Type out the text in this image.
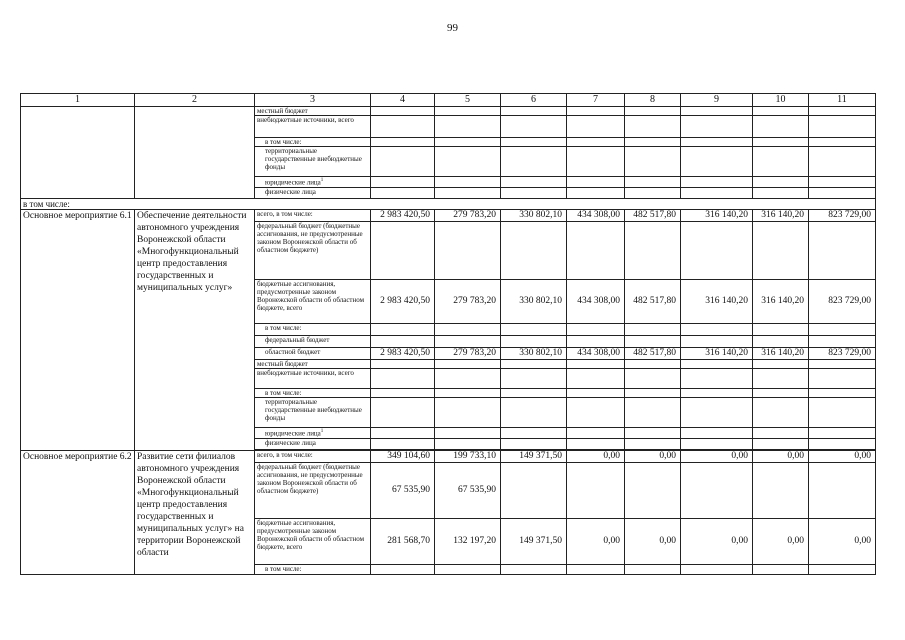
99
1	2	3	4	5	6	7	8	9	10	11
		местный бюджет								
		внебюджетные источники, всего								
		в том числе:								
		территориальные государственные внебюджетные фонды								
		юридические лица$^1$								
		физические лица								
в том числе:										
Основное мероприятие 6.1	Обеспечение деятельности автономного учреждения Воронежской области «Многофункциональный центр предоставления государственных и муниципальных услуг»	всего, в том числе:	2 983 420,50	279 783,20	330 802,10	434 308,00	482 517,80	316 140,20	316 140,20	823 729,00
		федеральный бюджет (бюджетные ассигнования, не предусмотренные законом Воронежской области об областном бюджете)								
		бюджетные ассигнования, предусмотренные законом Воронежской области об областном бюджете, всего	2 983 420,50	279 783,20	330 802,10	434 308,00	482 517,80	316 140,20	316 140,20	823 729,00
		в том числе:								
		федеральный бюджет								
		областной бюджет	2 983 420,50	279 783,20	330 802,10	434 308,00	482 517,80	316 140,20	316 140,20	823 729,00
		местный бюджет								
		внебюджетные источники, всего								
		в том числе:								
		территориальные государственные внебюджетные фонды								
		юридические лица$^1$								
		физические лица								

Основное мероприятие 6.2	Развитие сети филиалов автономного учреждения Воронежской области «Многофункциональный центр предоставления государственных и муниципальных услуг» на территории Воронежской области	всего, в том числе:	349 104,60	199 733,10	149 371,50	0,00	0,00	0,00	0,00	0,00
		федеральный бюджет (бюджетные ассигнования, не предусмотренные законом Воронежской области об областном бюджете)	67 535,90	67 535,90						
		бюджетные ассигнования, предусмотренные законом Воронежской области об областном бюджете, всего	281 568,70	132 197,20	149 371,50	0,00	0,00	0,00	0,00	0,00
		в том числе:								
